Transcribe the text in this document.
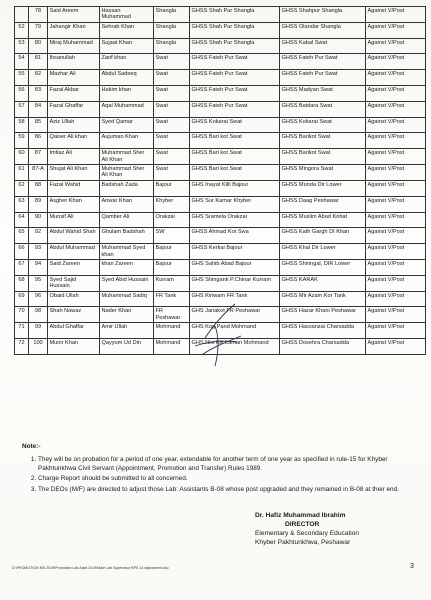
	78	Said Areem	Hassan Muhammad	Shangla	GHSS Shah Pur Shangla	GHSS Shahpur Shangla	Against V/Post
52	79	Jahangir Khan	Sehrab Khan	Shangla	GHSS Shah Pur Shangla	GHSS Olandar Shangla	Against V/Post
53	80	Miraj Muhammad	Sujaat Khan	Shangla	GHSS Shah Pur Shangla	GHSS Kabal Swat	Against V/Post
54	81	Ihsanullah	Zarif khan	Swat	GHSS Fateh Pur Swat	GHSS Fateh Pur Swat	Against V/Post
55	82	Mazhar Ali	Abdul Sadeeq	Swat	GHSS Fateh Pur Swat	GHSS Fateh Pur Swat	Against V/Post
56	83	Fazal Akbar	Hakim khan	Swat	GHSS Fateh Pur Swat	GHSS Madyan Swat	Against V/Post
57	84	Fazal Ghaffar	Aqal Muhammad	Swat	GHSS Fateh Pur Swat	GHSS Baidara Swat	Against V/Post
58	85	Aziz Ullah	Syed Qamar	Swat	GHSS Kokarai Swat	GHSS Kokarai Swat	Against V/Post
59	86	Qaiser Ali.khan	Aujuman Khan	Swat	GHSS Bari kot Swat	GHSS Barikot Swat	Against V/Post
60	87	Imtiaz Ali	Muhammad Sher Ali Khan	Swat	GHSS Bari kot Swat	GHSS Barikot Swat	Against V/Post
61	87-A	Shujat Ali Khan	Muhammad Sher Ali Khan	Swat	GHSS Bari kot Swat	GHSS Mingora Swat	Against V/Post
62	88	Fazal Wahid	Badshah Zada	Bajour	GHS Inayat Killi Bajour	GHSS Munda Dir Lower	Against V/Post
63	89	Asgher Khan	Anwar Khan	Khyber	GHS Sur Kamar Khyber	GHSS Daag Peshawar	Against V/Post
64	90	Munsif Ali	Qamber Ali	Orakzai	GHS Sramela Orakzai	GHSS Muslim Abad Kohat	Against V/Post
65	92	Abdul Wahid Shah	Ghulam Badshah	SW	GHSS Ahmad Kot Swa	GHSS Kath Gargh DI Khan	Against V/Post
66	93	Abdul Muhammad	Muhammad Syed khan	Bajour	GHSS Kerkai Bajour	GHSS Khal Dir Lower	Against V/Post
67	94	Said Zareen	khan Zareen	Bajour	GHS Sahib Abad Bajour	GHSS Shiringal, DIR Lower	Against V/Post
68	95	Syed Sajid Hussain	Syed Abid Hussain	Kurram	GHS Shingank P.Chinar Kurram	GHSS KARAK	Against V/Post
69	96	Obaid Ullah	Muhammad Sadiq	FR Tank	GHS Kiriwam FR Tank	GHSS Mir Azam Kor Tank	Against V/Post
70	98	Shah Nawaz	Nader Khan	FR Peshawar	GHS Janakot FR Peshawar	GHSS Hazar Khani Peshawar	Against V/Post
71	99	Abdul Ghaffar	Amir Ullah	Mohmand	GHS Kog Pand Mohmand	GHSS Hassanzai Charsadda	Against V/Post
72	100	Munir Khan	Qayyum Ud Din	Mohmand	GHS Nivi Kili Laman Mohmand	GHSS Dosehra Charsadda	Against V/Post
Note:-
1. They will be on probation for a period of one year, extendable for another term of one year as specified in rule-15 for Khyber Pakhtunkhwa Civil Servant (Appointment, Promotion and Transfer) Rules 1989.
2. Charge Report should be submitted to all concerned.
3. The DEOs (M/F) are directed to adjust those Lab: Assistants B-08 whose post upgraded and they remained in B-08 at their end.
Dr. Hafiz Muhammad Ibrahim
DIRECTOR
Elementary & Secondary Education
Khyber Pakhtunkhwa, Peshawar
D:\PROMOTION MS 2019\Promotion Lab Asstt 2019\Male Lab Supervisor BPS 14 adjustment.doc	3
